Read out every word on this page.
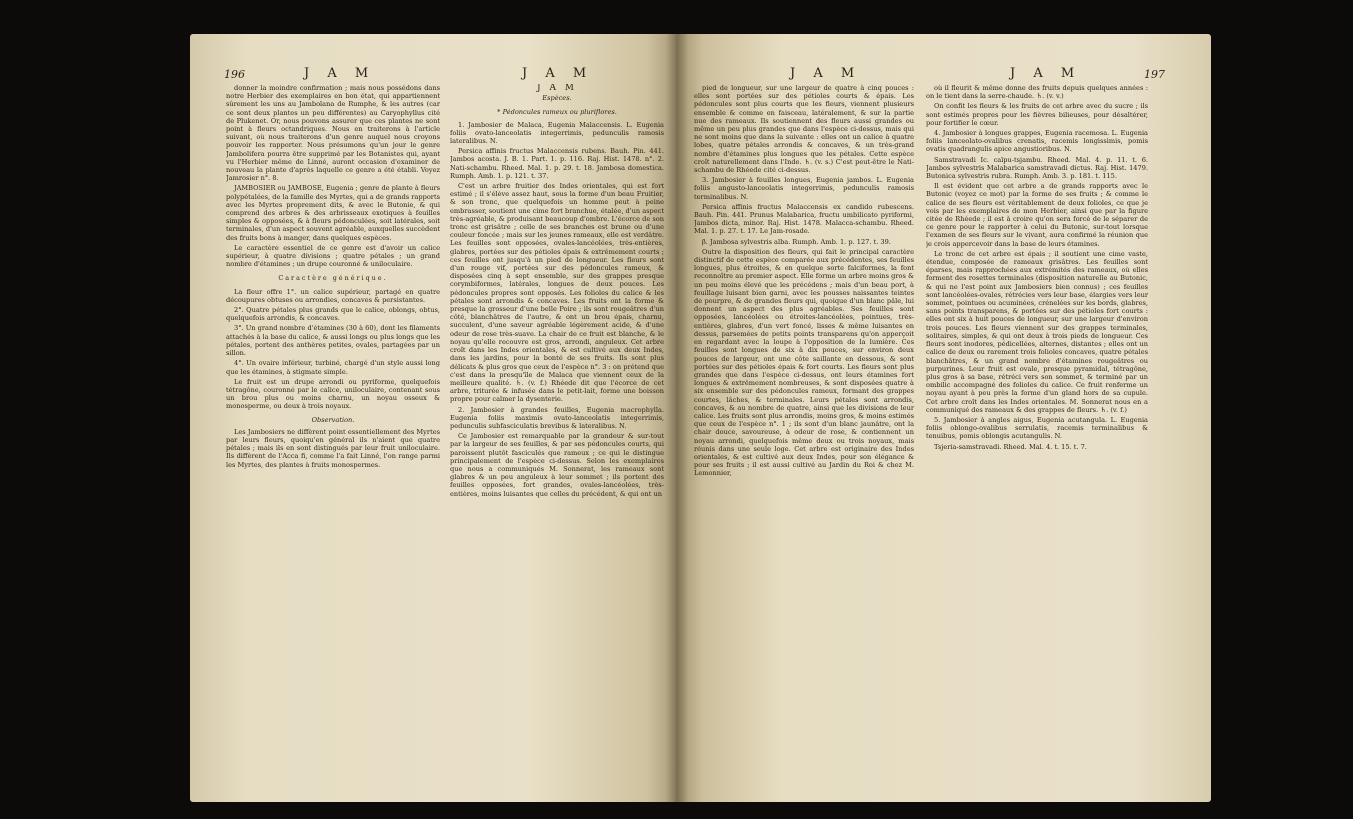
196	J A M	J A M	J A M	J A M	197

donner la moindre confirmation ; mais nous possédons dans notre Herbier des exemplaires en bon état, qui appartiennent sûrement les uns au Jambolana de Rumphe, & les autres (car ce sont deux plantes un peu différentes) au Caryophyllus cité de Plukenet. Or, nous pouvons assurer que ces plantes ne sont point à fleurs octandriques. Nous en traiterons à l'article suivant, où nous traiterons d'un genre auquel nous croyons pouvoir les rapporter. Nous présumons qu'un jour le genre Jambolifera pourra être supprimé par les Botanistes qui, ayant vu l'Herbier même de Linné, auront occasion d'examiner de nouveau la plante d'après laquelle ce genre a été établi. Voyez Jamrosier n°. 8.

JAMBOSIER ou JAMBOSE, Eugenia ; genre de plante à fleurs polypétalées, de la famille des Myrtes, qui a de grands rapports avec les Myrtes proprement dits, & avec le Butonie, & qui comprend des arbres & des arbrisseaux exotiques à feuilles simples & opposées, & à fleurs pédonculées, soit latérales, soit terminales, d'un aspect souvent agréable, auxquelles succèdent des fruits bons à manger, dans quelques espèces.

Le caractère essentiel de ce genre est d'avoir un calice supérieur, à quatre divisions ; quatre pétales ; un grand nombre d'étamines ; un drupe couronné & uniloculaire.

Caractère générique.

La fleur offre 1°. un calice supérieur, partagé en quatre découpures obtuses ou arrondies, concaves & persistantes.

2°. Quatre pétales plus grands que le calice, oblongs, obtus, quelquefois arrondis, & concaves.

3°. Un grand nombre d'étamines (30 à 60), dont les filaments attachés à la base du calice, & aussi longs ou plus longs que les pétales, portent des anthères petites, ovales, partagées par un sillon.

4°. Un ovaire inférieur, turbiné, chargé d'un style aussi long que les étamines, à stigmate simple.

Le fruit est un drupe arrondi ou pyriforme, quelquefois tétragône, couronné par le calice, uniloculaire, contenant sous un brou plus ou moins charnu, un noyau osseux & monosperme, ou deux à trois noyaux.

Observation.

Les Jambosiers ne diffèrent point essentiellement des Myrtes par leurs fleurs, quoiqu'en général ils n'aient que quatre pétales ; mais ils en sont distingués par leur fruit uniloculaire. Ils diffèrent de l'Acca fi, comme l'a fait Linné, l'on range parmi les Myrtes, des plantes à fruits monospermes.

J A M

Espèces.

* Pédoncules rameux ou pluriflores.

1. Jambosier de Malaca, Eugenia Malaccensis. L. Eugenia foliis ovato-lanceolatis integerrimis, pedunculis ramosis lateralibus. N.

Persica affinis fructus Malaccensis rubens. Bauh. Pin. 441. Jambos acosta. J. B. 1. Part. 1. p. 116. Raj. Hist. 1478. n°. 2. Nati-schambu. Rheed. Mal. 1. p. 29. t. 18. Jambosa domestica. Rumph. Amb. 1. p. 121. t. 37.

C'est un arbre fruitier des Indes orientales, qui est fort estimé ; il s'élève assez haut, sous la forme d'un beau Fruitier, & son tronc, que quelquefois un homme peut à peine embrasser, soutient une cime fort branchue, étalée, d'un aspect très-agréable, & produisant beaucoup d'ombre. L'écorce de son tronc est grisâtre ; celle de ses branches est brune ou d'une couleur foncée ; mais sur les jeunes rameaux, elle est verdâtre. Les feuilles sont opposées, ovales-lancéolées, très-entières, glabres, portées sur des pétioles épais & extrêmement courts ; ces feuilles ont jusqu'à un pied de longueur. Les fleurs sont d'un rouge vif, portées sur des pédoncules rameux, & disposées cinq à sept ensemble, sur des grappes presque corymbiformes, latérales, longues de deux pouces. Les pédoncules propres sont opposés. Les folioles du calice & les pétales sont arrondis & concaves. Les fruits ont la forme & presque la grosseur d'une belle Poire ; ils sont rougeâtres d'un côté, blanchâtres de l'autre, & ont un brou épais, charnu, succulent, d'une saveur agréable légèrement acide, & d'une odeur de rose très-suave. La chair de ce fruit est blanche, & le noyau qu'elle recouvre est gros, arrondi, anguleux. Cet arbre croît dans les Indes orientales, & est cultivé aux deux Indes, dans les jardins, pour la bonté de ses fruits. Ils sont plus délicats & plus gros que ceux de l'espèce n°. 3 : on prétend que c'est dans la presqu'île de Malaca que viennent ceux de la meilleure qualité. ♄. (v. f.) Rhéede dit que l'écorce de cet arbre, triturée & infusée dans le petit-lait, forme une boisson propre pour calmer la dysenterie.

2. Jambosier à grandes feuilles, Eugenia macrophylla. Eugenia foliis maximis ovato-lanceolatis integerrimis, pedunculis subfasciculatis brevibus & lateralibus. N.

Ce Jambosier est remarquable par la grandeur & sur-tout par la largeur de ses feuilles, & par ses pédoncules courts, qui paroissent plutôt fasciculés que rameux ; ce qui le distingue principalement de l'espèce ci-dessus. Selon les exemplaires que nous a communiqués M. Sonnerat, les rameaux sont glabres & un peu anguleux à leur sommet ; ils portent des feuilles opposées, fort grandes, ovales-lancéolées, très-entières, moins luisantes que celles du précédent, & qui ont un

pied de longueur, sur une largeur de quatre à cinq pouces : elles sont portées sur des pétioles courts & épais. Les pédoncules sont plus courts que les fleurs, viennent plusieurs ensemble & comme en faisceau, latéralement, & sur la partie nue des rameaux. Ils soutiennent des fleurs aussi grandes ou même un peu plus grandes que dans l'espèce ci-dessus, mais qui ne sont moins que dans la suivante : elles ont un calice à quatre lobes, quatre pétales arrondis & concaves, & un très-grand nombre d'étamines plus longues que les pétales. Cette espèce croît naturellement dans l'Inde. ♄. (v. s.) C'est peut-être le Nati-schambu de Rhéede cité ci-dessus.

3. Jambosier à feuilles longues, Eugenia jambos. L. Eugenia foliis angusto-lanceolatis integerrimis, pedunculis ramosis terminalibus. N.

Persica affinis fructus Malaccensis ex candido rubescens. Bauh. Pin. 441. Prunus Malabarica, fructu umbilicato pyriformi, Jambos dicta, minor. Raj. Hist. 1478. Malacca-schambu. Rheed. Mal. 1. p. 27. t. 17. Le Jam-rosade.

β. Jambosa sylvestris alba. Rumph. Amb. 1. p. 127. t. 39.

Outre la disposition des fleurs, qui fait le principal caractère distinctif de cette espèce comparée aux précédentes, ses feuilles longues, plus étroites, & en quelque sorte falciformes, la font reconnoître au premier aspect. Elle forme un arbre moins gros & un peu moins élevé que les précédens ; mais d'un beau port, à feuillage luisant bien garni, avec les pousses naissantes teintes de pourpre, & de grandes fleurs qui, quoique d'un blanc pâle, lui donnent un aspect des plus agréables. Ses feuilles sont opposées, lancéolées ou étroites-lancéolées, pointues, très-entières, glabres, d'un vert foncé, lisses & même luisantes en dessus, parsemées de petits points transparens qu'on apperçoit en regardant avec la loupe à l'opposition de la lumière. Ces feuilles sont longues de six à dix pouces, sur environ deux pouces de largeur, ont une côte saillante en dessous, & sont portées sur des pétioles épais & fort courts. Les fleurs sont plus grandes que dans l'espèce ci-dessus, ont leurs étamines fort longues & extrêmement nombreuses, & sont disposées quatre à six ensemble sur des pédoncules rameux, formant des grappes courtes, lâches, & terminales. Leurs pétales sont arrondis, concaves, & au nombre de quatre, ainsi que les divisions de leur calice. Les fruits sont plus arrondis, moins gros, & moins estimés que ceux de l'espèce n°. 1 ; ils sont d'un blanc jaunâtre, ont la chair douce, savoureuse, à odeur de rose, & contiennent un noyau arrondi, quelquefois même deux ou trois noyaux, mais réunis dans une seule loge. Cet arbre est originaire des Indes orientales, & est cultivé aux deux Indes, pour son élégance & pour ses fruits ; il est aussi cultivé au Jardin du Roi & chez M. Lemonnier,

où il fleurit & même donne des fruits depuis quelques années : on le tient dans la serre-chaude. ♄. (v. v.)

On confit les fleurs & les fruits de cet arbre avec du sucre ; ils sont estimés propres pour les fièvres bilieuses, pour désaltérer, pour fortifier le cœur.

4. Jambosier à longues grappes, Eugenia racemosa. L. Eugenia foliis lanceolato-ovalibus crenatis, racemis longissimis, pomis ovatis quadrangulis apice angustioribus. N.

Samstravadi Ic. caïpu-tsjambu. Rheed. Mal. 4. p. 11. t. 6. Jambos sylvestris Malabarica samstravadi dictus. Raj. Hist. 1479. Butonica sylvestris rubra. Rumph. Amb. 3. p. 181. t. 115.

Il est évident que cet arbre a de grands rapports avec le Butonic (voyez ce mot) par la forme de ses fruits ; & comme le calice de ses fleurs est véritablement de deux folioles, ce que je vois par les exemplaires de mon Herbier, ainsi que par la figure citée de Rhéede ; il est à croire qu'on sera forcé de le séparer de ce genre pour le rapporter à celui du Butonic, sur-tout lorsque l'examen de ses fleurs sur le vivant, aura confirmé la réunion que je crois appercevoir dans la base de leurs étamines.

Le tronc de cet arbre est épais ; il soutient une cime vaste, étendue, composée de rameaux grisâtres. Les feuilles sont éparses, mais rapprochées aux extrémités des rameaux, où elles forment des rosettes terminales (disposition naturelle au Butonic, & qui ne l'est point aux Jambosiers bien connus) ; ces feuilles sont lancéolées-ovales, rétrécies vers leur base, élargies vers leur sommet, pointues ou acuminées, crénelées sur les bords, glabres, sans points transparens, & portées sur des pétioles fort courts : elles ont six à huit pouces de longueur, sur une largeur d'environ trois pouces. Les fleurs viennent sur des grappes terminales, solitaires, simples, & qui ont deux à trois pieds de longueur. Ces fleurs sont inodores, pédicellées, alternes, distantes ; elles ont un calice de deux ou rarement trois folioles concaves, quatre pétales blanchâtres, & un grand nombre d'étamines rougeâtres ou purpurines. Leur fruit est ovale, presque pyramidal, tétragône, plus gros à sa base, rétréci vers son sommet, & terminé par un ombilic accompagné des folioles du calice. Ce fruit renferme un noyau ayant à peu près la forme d'un gland hors de sa cupule. Cet arbre croît dans les Indes orientales. M. Sonnerat nous en a communiqué des rameaux & des grappes de fleurs. ♄. (v. f.)

5. Jambosier à angles aigus, Eugenia acutangula. L. Eugenia foliis oblongo-ovalibus serrulatis, racemis terminalibus & tenuibus, pomis oblongis acutangulis. N.

Tsjeria-samstravadi. Rheed. Mal. 4. t. 15. t. 7.
